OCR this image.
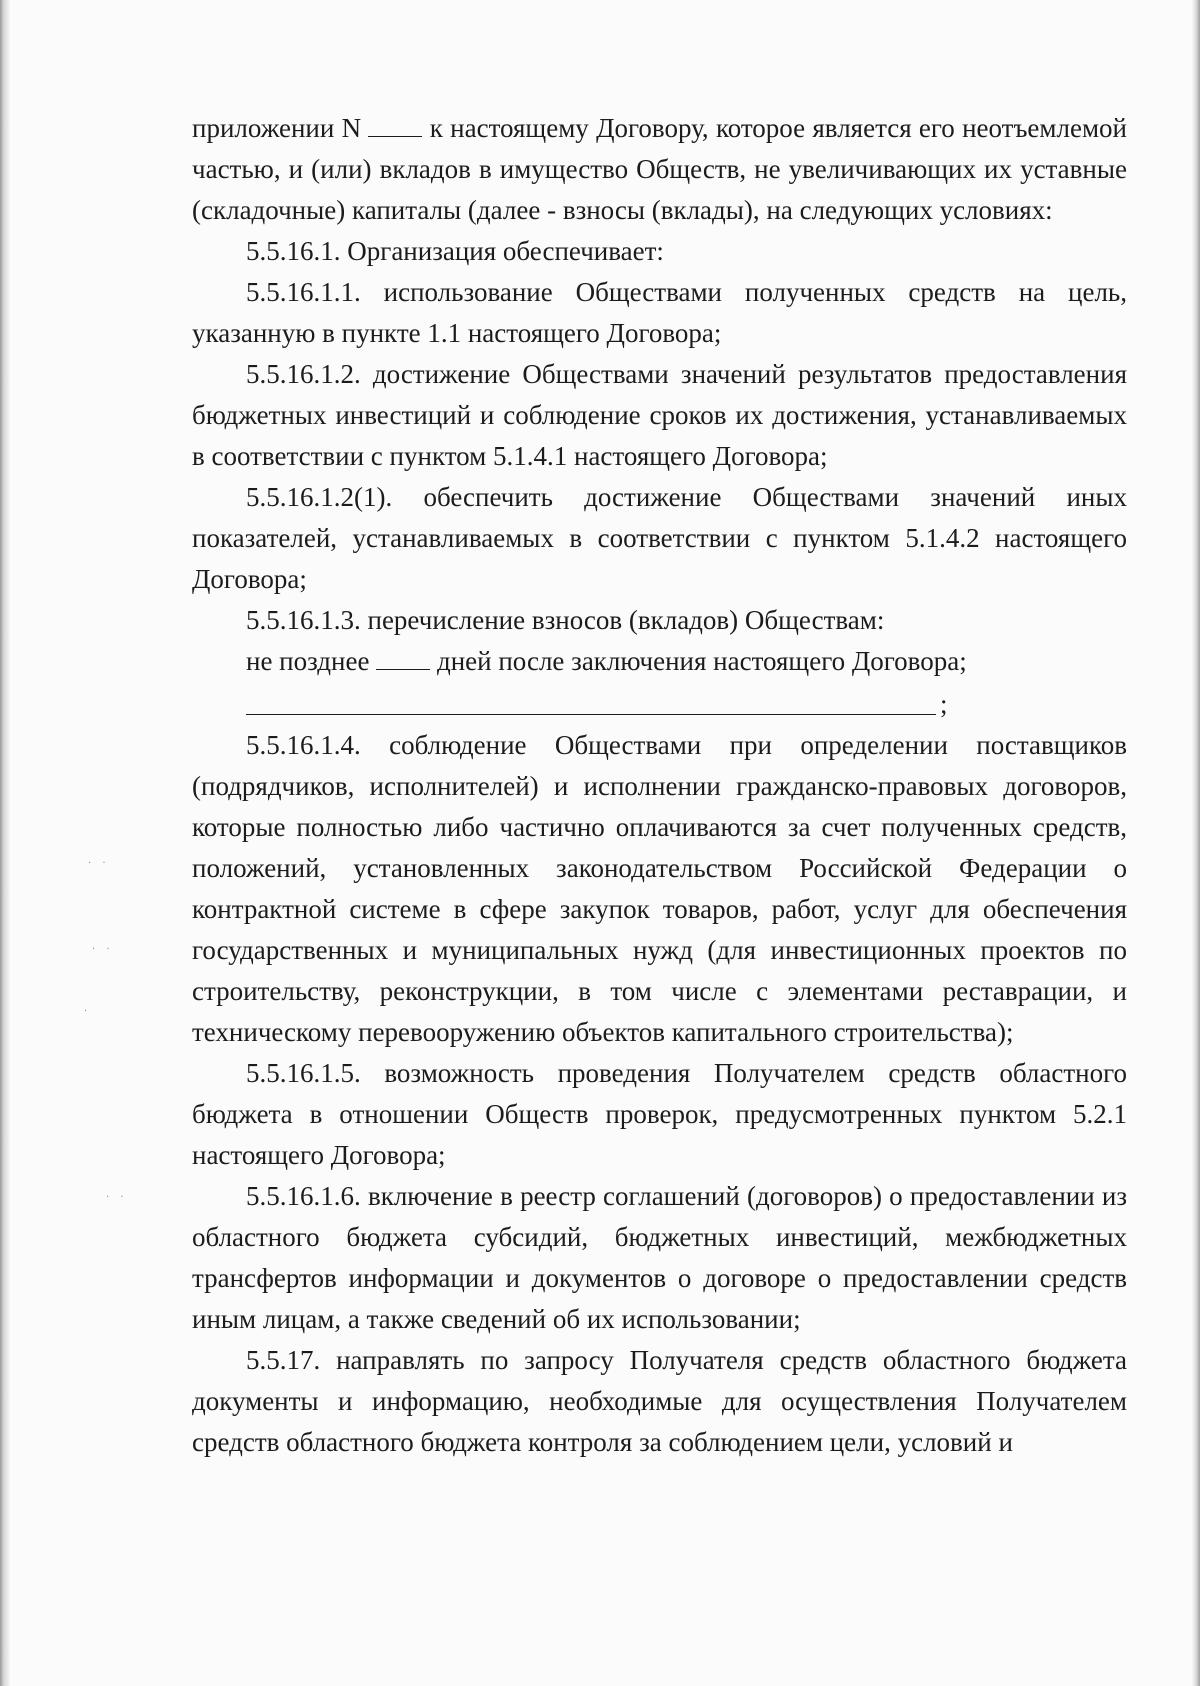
· ·
· ·
·
· ·

приложении N  к настоящему Договору, которое является его неотъемлемой частью, и (или) вкладов в имущество Обществ, не увеличивающих их уставные (складочные) капиталы (далее - взносы (вклады), на следующих условиях:

5.5.16.1. Организация обеспечивает:

5.5.16.1.1. использование Обществами полученных средств на цель, указанную в пункте 1.1 настоящего Договора;

5.5.16.1.2. достижение Обществами значений результатов предоставления бюджетных инвестиций и соблюдение сроков их достижения, устанавливаемых в соответствии с пунктом 5.1.4.1 настоящего Договора;

5.5.16.1.2(1). обеспечить достижение Обществами значений иных показателей, устанавливаемых в соответствии с пунктом 5.1.4.2 настоящего Договора;

5.5.16.1.3. перечисление взносов (вкладов) Обществам:

не позднее  дней после заключения настоящего Договора;

;

5.5.16.1.4. соблюдение Обществами при определении поставщиков (подрядчиков, исполнителей) и исполнении гражданско-правовых договоров, которые полностью либо частично оплачиваются за счет полученных средств, положений, установленных законодательством Российской Федерации о контрактной системе в сфере закупок товаров, работ, услуг для обеспечения государственных и муниципальных нужд (для инвестиционных проектов по строительству, реконструкции, в том числе с элементами реставрации, и техническому перевооружению объектов капитального строительства);

5.5.16.1.5. возможность проведения Получателем средств областного бюджета в отношении Обществ проверок, предусмотренных пунктом 5.2.1 настоящего Договора;

5.5.16.1.6. включение в реестр соглашений (договоров) о предоставлении из областного бюджета субсидий, бюджетных инвестиций, межбюджетных трансфертов информации и документов о договоре о предоставлении средств иным лицам, а также сведений об их использовании;

5.5.17. направлять по запросу Получателя средств областного бюджета документы и информацию, необходимые для осуществления Получателем средств областного бюджета контроля за соблюдением цели, условий и
